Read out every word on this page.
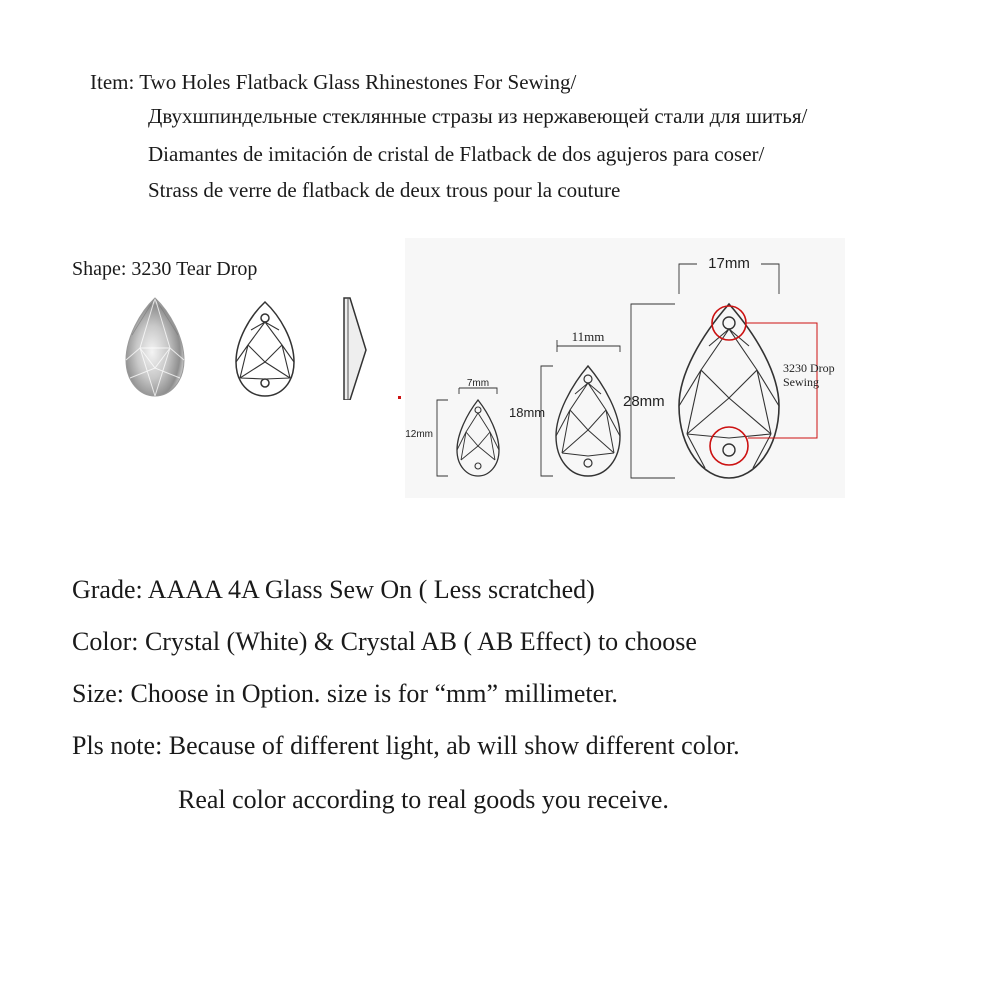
Item: Two Holes Flatback Glass Rhinestones For Sewing/
Двухшпиндельные стеклянные стразы из нержавеющей стали для шитья/
Diamantes de imitación de cristal de Flatback de dos agujeros para coser/
Strass de verre de flatback de deux trous pour la couture
Shape: 3230 Tear Drop
7mm
12mm
11mm
18mm
17mm
28mm
3230 Drop
Sewing
Grade: AAAA 4A Glass Sew On ( Less scratched)
Color: Crystal (White) & Crystal AB ( AB Effect) to choose
Size: Choose in Option. size is for “mm” millimeter.
Pls note: Because of different light, ab will show different color.
Real color according to real goods you receive.
